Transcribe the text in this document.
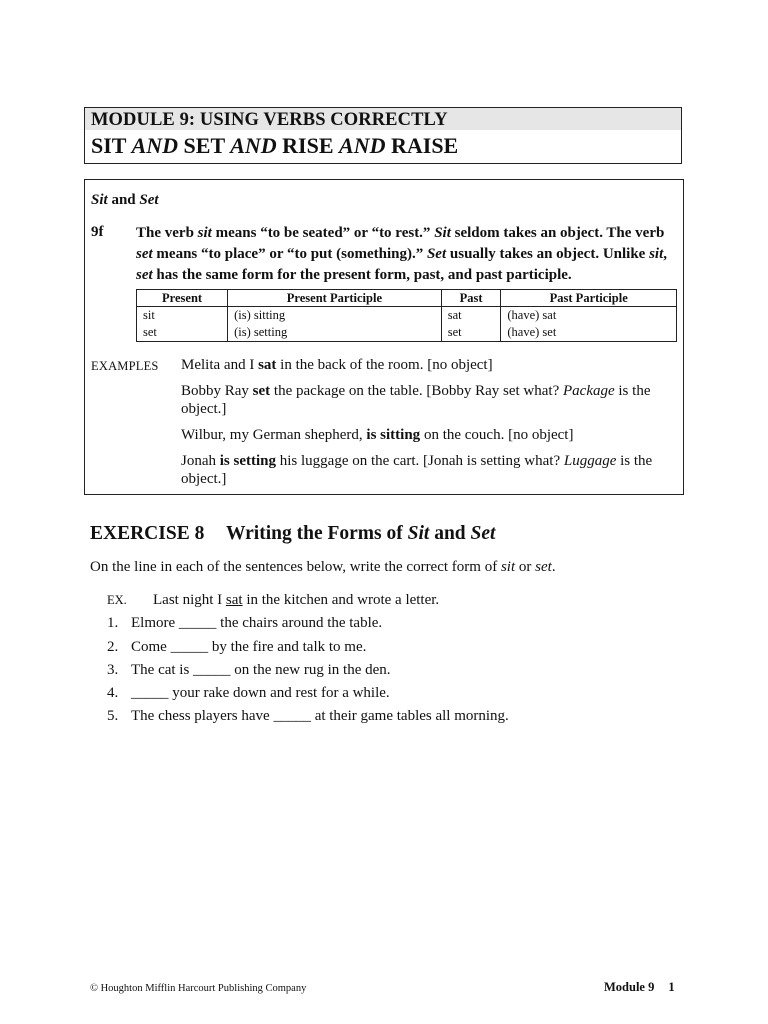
MODULE 9: USING VERBS CORRECTLY
SIT AND SET AND RISE AND RAISE
Sit and Set
9f The verb sit means “to be seated” or “to rest.” Sit seldom takes an object. The verb set means “to place” or “to put (something).” Set usually takes an object. Unlike sit, set has the same form for the present form, past, and past participle.
Present	Present Participle	Past	Past Participle
sit	(is) sitting	sat	(have) sat
set	(is) setting	set	(have) set
EXAMPLES Melita and I sat in the back of the room. [no object]

Bobby Ray set the package on the table. [Bobby Ray set what? Package is the object.]

Wilbur, my German shepherd, is sitting on the couch. [no object]

Jonah is setting his luggage on the cart. [Jonah is setting what? Luggage is the object.]

EXERCISE 8 Writing the Forms of Sit and Set
On the line in each of the sentences below, write the correct form of sit or set.
EX. Last night I sat in the kitchen and wrote a letter.
1. Elmore _____ the chairs around the table.
2. Come _____ by the fire and talk to me.
3. The cat is _____ on the new rug in the den.
4. _____ your rake down and rest for a while.
5. The chess players have _____ at their game tables all morning.
© Houghton Mifflin Harcourt Publishing Company	Module 9 1
